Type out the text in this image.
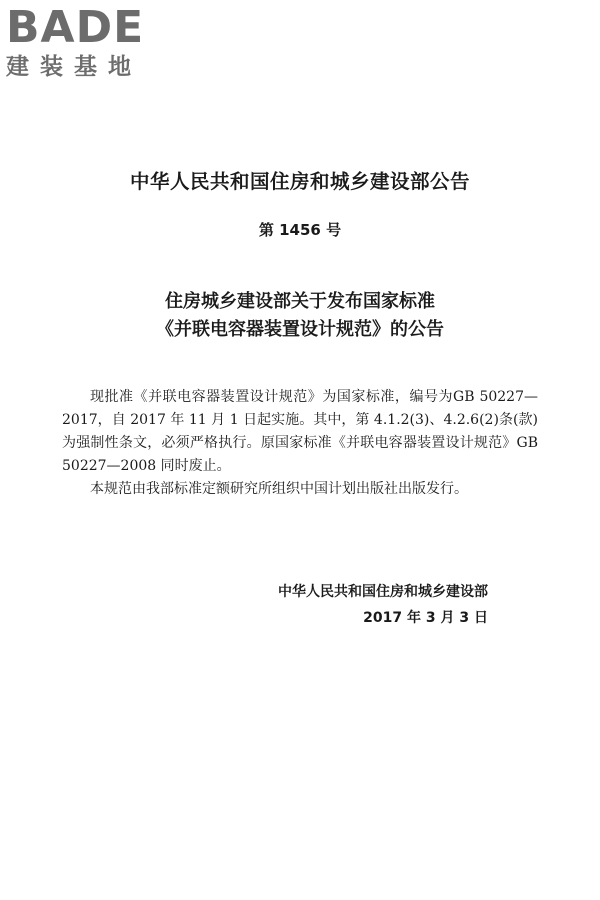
BADE
建装基地
中华人民共和国住房和城乡建设部公告
第 1456 号
住房城乡建设部关于发布国家标准
《并联电容器装置设计规范》的公告

现批准《并联电容器装置设计规范》为国家标准，编号为GB 50227—2017，自 2017 年 11 月 1 日起实施。其中，第 4.1.2(3)、4.2.6(2)条(款)为强制性条文，必须严格执行。原国家标准《并联电容器装置设计规范》GB 50227—2008 同时废止。

本规范由我部标准定额研究所组织中国计划出版社出版发行。

中华人民共和国住房和城乡建设部
2017 年 3 月 3 日
